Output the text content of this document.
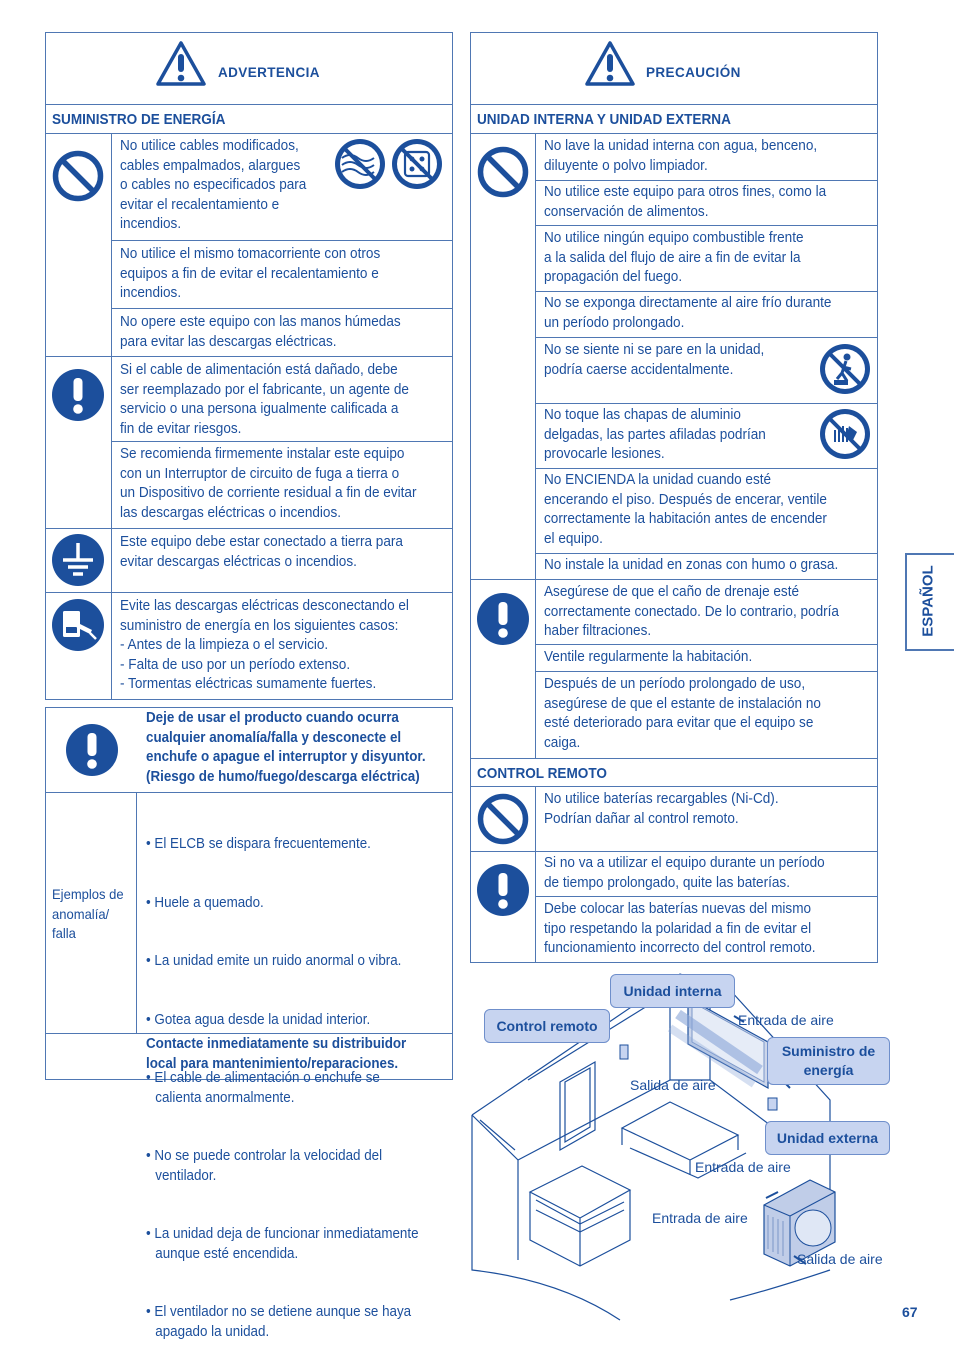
ADVERTENCIA
SUMINISTRO DE ENERGÍA
No utilice cables modificados,
cables empalmados, alargues
o cables no especificados para
evitar el recalentamiento e
incendios.
No utilice el mismo tomacorriente con otros
equipos a fin de evitar el recalentamiento e
incendios.
No opere este equipo con las manos húmedas
para evitar las descargas eléctricas.
Si el cable de alimentación está dañado, debe
ser reemplazado por el fabricante, un agente de
servicio o una persona igualmente calificada a
fin de evitar riesgos.
Se recomienda firmemente instalar este equipo
con un Interruptor de circuito de fuga a tierra o
un Dispositivo de corriente residual a fin de evitar
las descargas eléctricas o incendios.
Este equipo debe estar conectado a tierra para
evitar descargas eléctricas o incendios.
Evite las descargas eléctricas desconectando el
suministro de energía en los siguientes casos:
- Antes de la limpieza o el servicio.
- Falta de uso por un período extenso.
- Tormentas eléctricas sumamente fuertes.
Deje de usar el producto cuando ocurra
cualquier anomalía/falla y desconecte el
enchufe o apague el interruptor y disyuntor.
(Riesgo de humo/fuego/descarga eléctrica)
Ejemplos de
anomalía/
falla

• El ELCB se dispara frecuentemente.

• Huele a quemado.

• La unidad emite un ruido anormal o vibra.

• Gotea agua desde la unidad interior.

• El cable de alimentación o enchufe se
calienta anormalmente.

• No se puede controlar la velocidad del
ventilador.

• La unidad deja de funcionar inmediatamente
aunque esté encendida.

• El ventilador no se detiene aunque se haya
apagado la unidad.

Contacte inmediatamente su distribuidor
local para mantenimiento/reparaciones.
PRECAUCIÓN
UNIDAD INTERNA Y UNIDAD EXTERNA
No lave la unidad interna con agua, benceno,
diluyente o polvo limpiador.
No utilice este equipo para otros fines, como la
conservación de alimentos.
No utilice ningún equipo combustible frente
a la salida del flujo de aire a fin de evitar la
propagación del fuego.
No se exponga directamente al aire frío durante
un período prolongado.
No se siente ni se pare en la unidad,
podría caerse accidentalmente.
No toque las chapas de aluminio
delgadas, las partes afiladas podrían
provocarle lesiones.
No ENCIENDA la unidad cuando esté
encerando el piso. Después de encerar, ventile
correctamente la habitación antes de encender
el equipo.
No instale la unidad en zonas con humo o grasa.
Asegúrese de que el caño de drenaje esté
correctamente conectado. De lo contrario, podría
haber filtraciones.
Ventile regularmente la habitación.
Después de un período prolongado de uso,
asegúrese de que el estante de instalación no
esté deteriorado para evitar que el equipo se
caiga.
CONTROL REMOTO
No utilice baterías recargables (Ni-Cd).
Podrían dañar al control remoto.
Si no va a utilizar el equipo durante un período
de tiempo prolongado, quite las baterías.
Debe colocar las baterías nuevas del mismo
tipo respetando la polaridad a fin de evitar el
funcionamiento incorrecto del control remoto.
ESPAÑOL
Unidad interna
Control remoto
Suministro de
energía
Unidad externa
Entrada de aire
Salida de aire
Entrada de aire
Entrada de aire
Salida de aire
67
